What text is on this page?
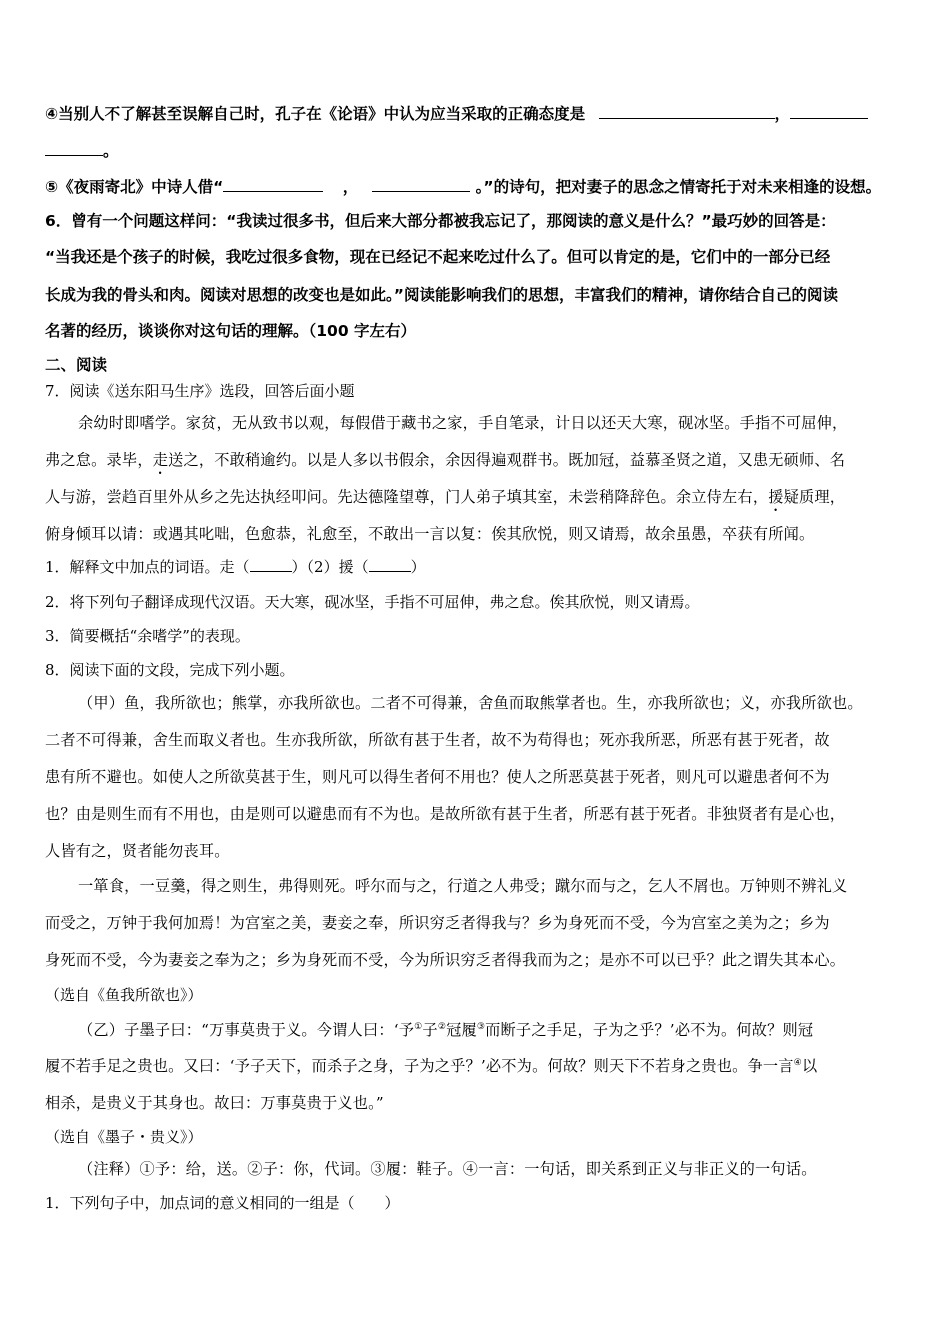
④当别人不了解甚至误解自己时，孔子在《论语》中认为应当采取的正确态度是	，
。
⑤《夜雨寄北》中诗人借“	，	。”的诗句，把对妻子的思念之情寄托于对未来相逢的设想。
6．曾有一个问题这样问：“我读过很多书，但后来大部分都被我忘记了，那阅读的意义是什么？”最巧妙的回答是：
“当我还是个孩子的时候，我吃过很多食物，现在已经记不起来吃过什么了。但可以肯定的是，它们中的一部分已经
长成为我的骨头和肉。阅读对思想的改变也是如此。”阅读能影响我们的思想，丰富我们的精神，请你结合自己的阅读
名著的经历，谈谈你对这句话的理解。（100 字左右）
二、阅读
7．阅读《送东阳马生序》选段，回答后面小题
余幼时即嗜学。家贫，无从致书以观，每假借于藏书之家，手自笔录，计日以还天大寒，砚冰坚。手指不可屈伸，
弗之怠。录毕，走送之，不敢稍逾约。以是人多以书假余，余因得遍观群书。既加冠，益慕圣贤之道，又患无硕师、名
人与游，尝趋百里外从乡之先达执经叩问。先达德隆望尊，门人弟子填其室，未尝稍降辞色。余立侍左右，援疑质理，
俯身倾耳以请：或遇其叱咄，色愈恭，礼愈至，不敢出一言以复：俟其欣悦，则又请焉，故余虽愚，卒获有所闻。
1．解释文中加点的词语。走（	）（2）援（	）
2．将下列句子翻译成现代汉语。天大寒，砚冰坚，手指不可屈伸，弗之怠。俟其欣悦，则又请焉。
3．简要概括“余嗜学”的表现。
8．阅读下面的文段，完成下列小题。
（甲）鱼，我所欲也；熊掌，亦我所欲也。二者不可得兼，舍鱼而取熊掌者也。生，亦我所欲也；义，亦我所欲也。
二者不可得兼，舍生而取义者也。生亦我所欲，所欲有甚于生者，故不为苟得也；死亦我所恶，所恶有甚于死者，故
患有所不避也。如使人之所欲莫甚于生，则凡可以得生者何不用也？使人之所恶莫甚于死者，则凡可以避患者何不为
也？由是则生而有不用也，由是则可以避患而有不为也。是故所欲有甚于生者，所恶有甚于死者。非独贤者有是心也，
人皆有之，贤者能勿丧耳。
一箪食，一豆羹，得之则生，弗得则死。呼尔而与之，行道之人弗受；蹴尔而与之，乞人不屑也。万钟则不辨礼义
而受之，万钟于我何加焉！为宫室之美，妻妾之奉，所识穷乏者得我与？乡为身死而不受，今为宫室之美为之；乡为
身死而不受，今为妻妾之奉为之；乡为身死而不受，今为所识穷乏者得我而为之；是亦不可以已乎？此之谓失其本心。
（选自《鱼我所欲也》）
（乙）子墨子曰：“万事莫贵于义。今谓人曰：‘予①子②冠履③而断子之手足，子为之乎？’必不为。何故？则冠
履不若手足之贵也。又曰：‘予子天下，而杀子之身，子为之乎？’必不为。何故？则天下不若身之贵也。争一言④以
相杀，是贵义于其身也。故曰：万事莫贵于义也。”
（选自《墨子・贵义》）
（注释）①予：给，送。②子：你，代词。③履：鞋子。④一言：一句话，即关系到正义与非正义的一句话。
1．下列句子中，加点词的意义相同的一组是（　　）
